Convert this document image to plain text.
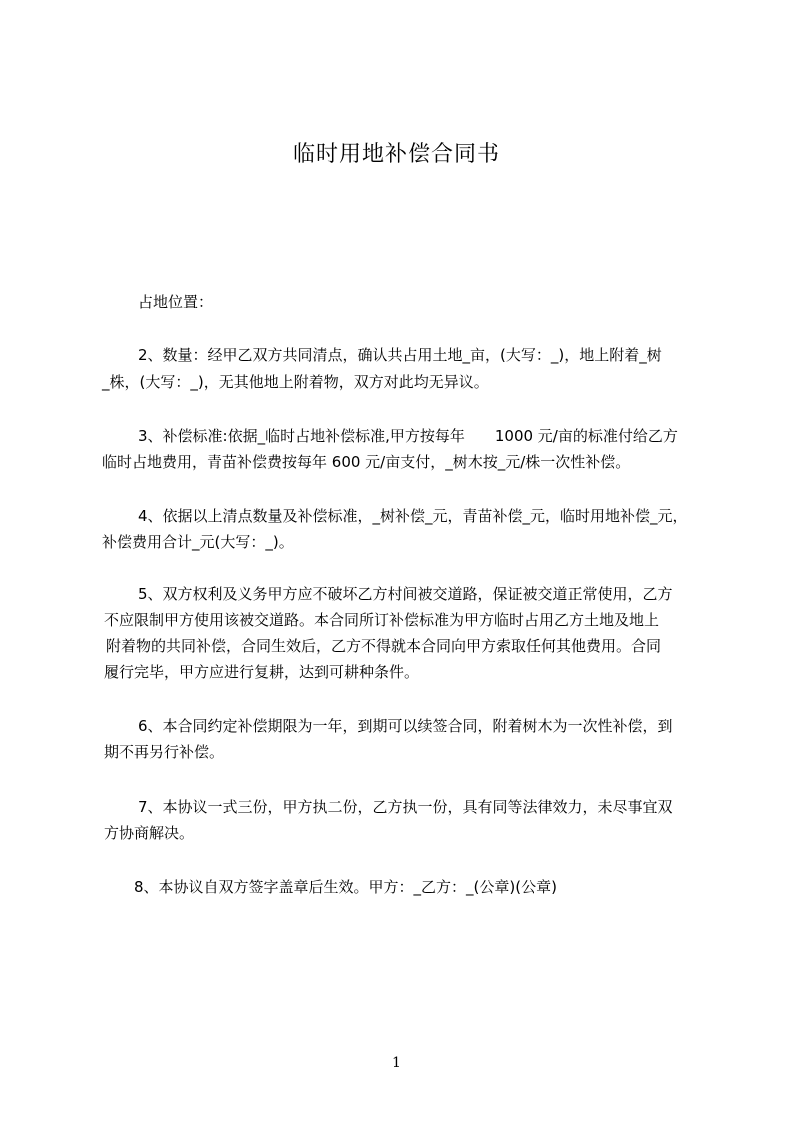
临时用地补偿合同书
占地位置：
2、数量：经甲乙双方共同清点，确认共占用土地_亩，(大写：_)，地上附着_树
_株，(大写：_)，无其他地上附着物，双方对此均无异议。
3、补偿标准:依据_临时占地补偿标准,甲方按每年　　1000 元/亩的标准付给乙方
临时占地费用，青苗补偿费按每年 600 元/亩支付，_树木按_元/株一次性补偿。
4、依据以上清点数量及补偿标准，_树补偿_元，青苗补偿_元，临时用地补偿_元，
补偿费用合计_元(大写：_)。
5、双方权利及义务甲方应不破坏乙方村间被交道路，保证被交道正常使用，乙方
不应限制甲方使用该被交道路。本合同所订补偿标准为甲方临时占用乙方土地及地上
附着物的共同补偿，合同生效后，乙方不得就本合同向甲方索取任何其他费用。合同
履行完毕，甲方应进行复耕，达到可耕种条件。
6、本合同约定补偿期限为一年，到期可以续签合同，附着树木为一次性补偿，到
期不再另行补偿。
7、本协议一式三份，甲方执二份，乙方执一份，具有同等法律效力，未尽事宜双
方协商解决。
8、本协议自双方签字盖章后生效。甲方：_乙方：_(公章)(公章)
1
